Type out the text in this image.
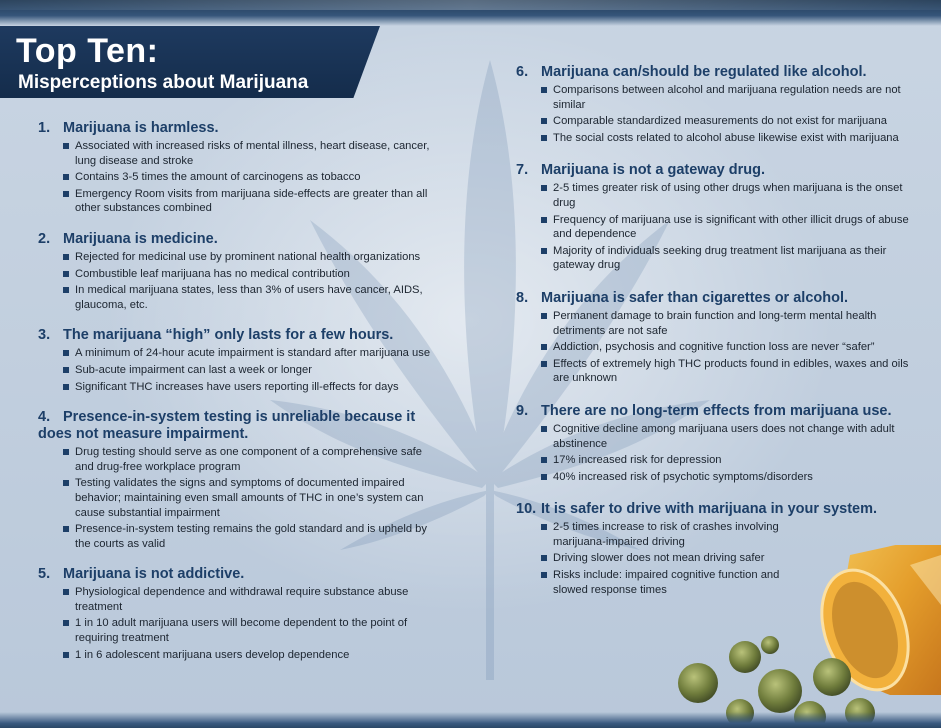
Top Ten:
Misperceptions about Marijuana

1. Marijuana is harmless.

Associated with increased risks of mental illness, heart disease, cancer, lung disease and stroke
Contains 3-5 times the amount of carcinogens as tobacco
Emergency Room visits from marijuana side-effects are greater than all other substances combined

2. Marijuana is medicine.

Rejected for medicinal use by prominent national health organizations
Combustible leaf marijuana has no medical contribution
In medical marijuana states, less than 3% of users have cancer, AIDS, glaucoma, etc.

3. The marijuana “high” only lasts for a few hours.

A minimum of 24-hour acute impairment is standard after marijuana use
Sub-acute impairment can last a week or longer
Significant THC increases have users reporting ill-effects for days

4. Presence-in-system testing is unreliable because it does not measure impairment.

Drug testing should serve as one component of a comprehensive safe and drug-free workplace program
Testing validates the signs and symptoms of documented impaired behavior; maintaining even small amounts of THC in one’s system can cause substantial impairment
Presence-in-system testing remains the gold standard and is upheld by the courts as valid

5. Marijuana is not addictive.

Physiological dependence and withdrawal require substance abuse treatment
1 in 10 adult marijuana users will become dependent to the point of requiring treatment
1 in 6 adolescent marijuana users develop dependence

6. Marijuana can/should be regulated like alcohol.

Comparisons between alcohol and marijuana regulation needs are not similar
Comparable standardized measurements do not exist for marijuana
The social costs related to alcohol abuse likewise exist with marijuana

7. Marijuana is not a gateway drug.

2-5 times greater risk of using other drugs when marijuana is the onset drug
Frequency of marijuana use is significant with other illicit drugs of abuse and dependence
Majority of individuals seeking drug treatment list marijuana as their gateway drug

8. Marijuana is safer than cigarettes or alcohol.

Permanent damage to brain function and long-term mental health detriments are not safe
Addiction, psychosis and cognitive function loss are never “safer”
Effects of extremely high THC products found in edibles, waxes and oils are unknown

9. There are no long-term effects from marijuana use.

Cognitive decline among marijuana users does not change with adult abstinence
17% increased risk for depression
40% increased risk of psychotic symptoms/disorders

10. It is safer to drive with marijuana in your system.

2-5 times increase to risk of crashes involving marijuana-impaired driving
Driving slower does not mean driving safer
Risks include: impaired cognitive function and slowed response times
